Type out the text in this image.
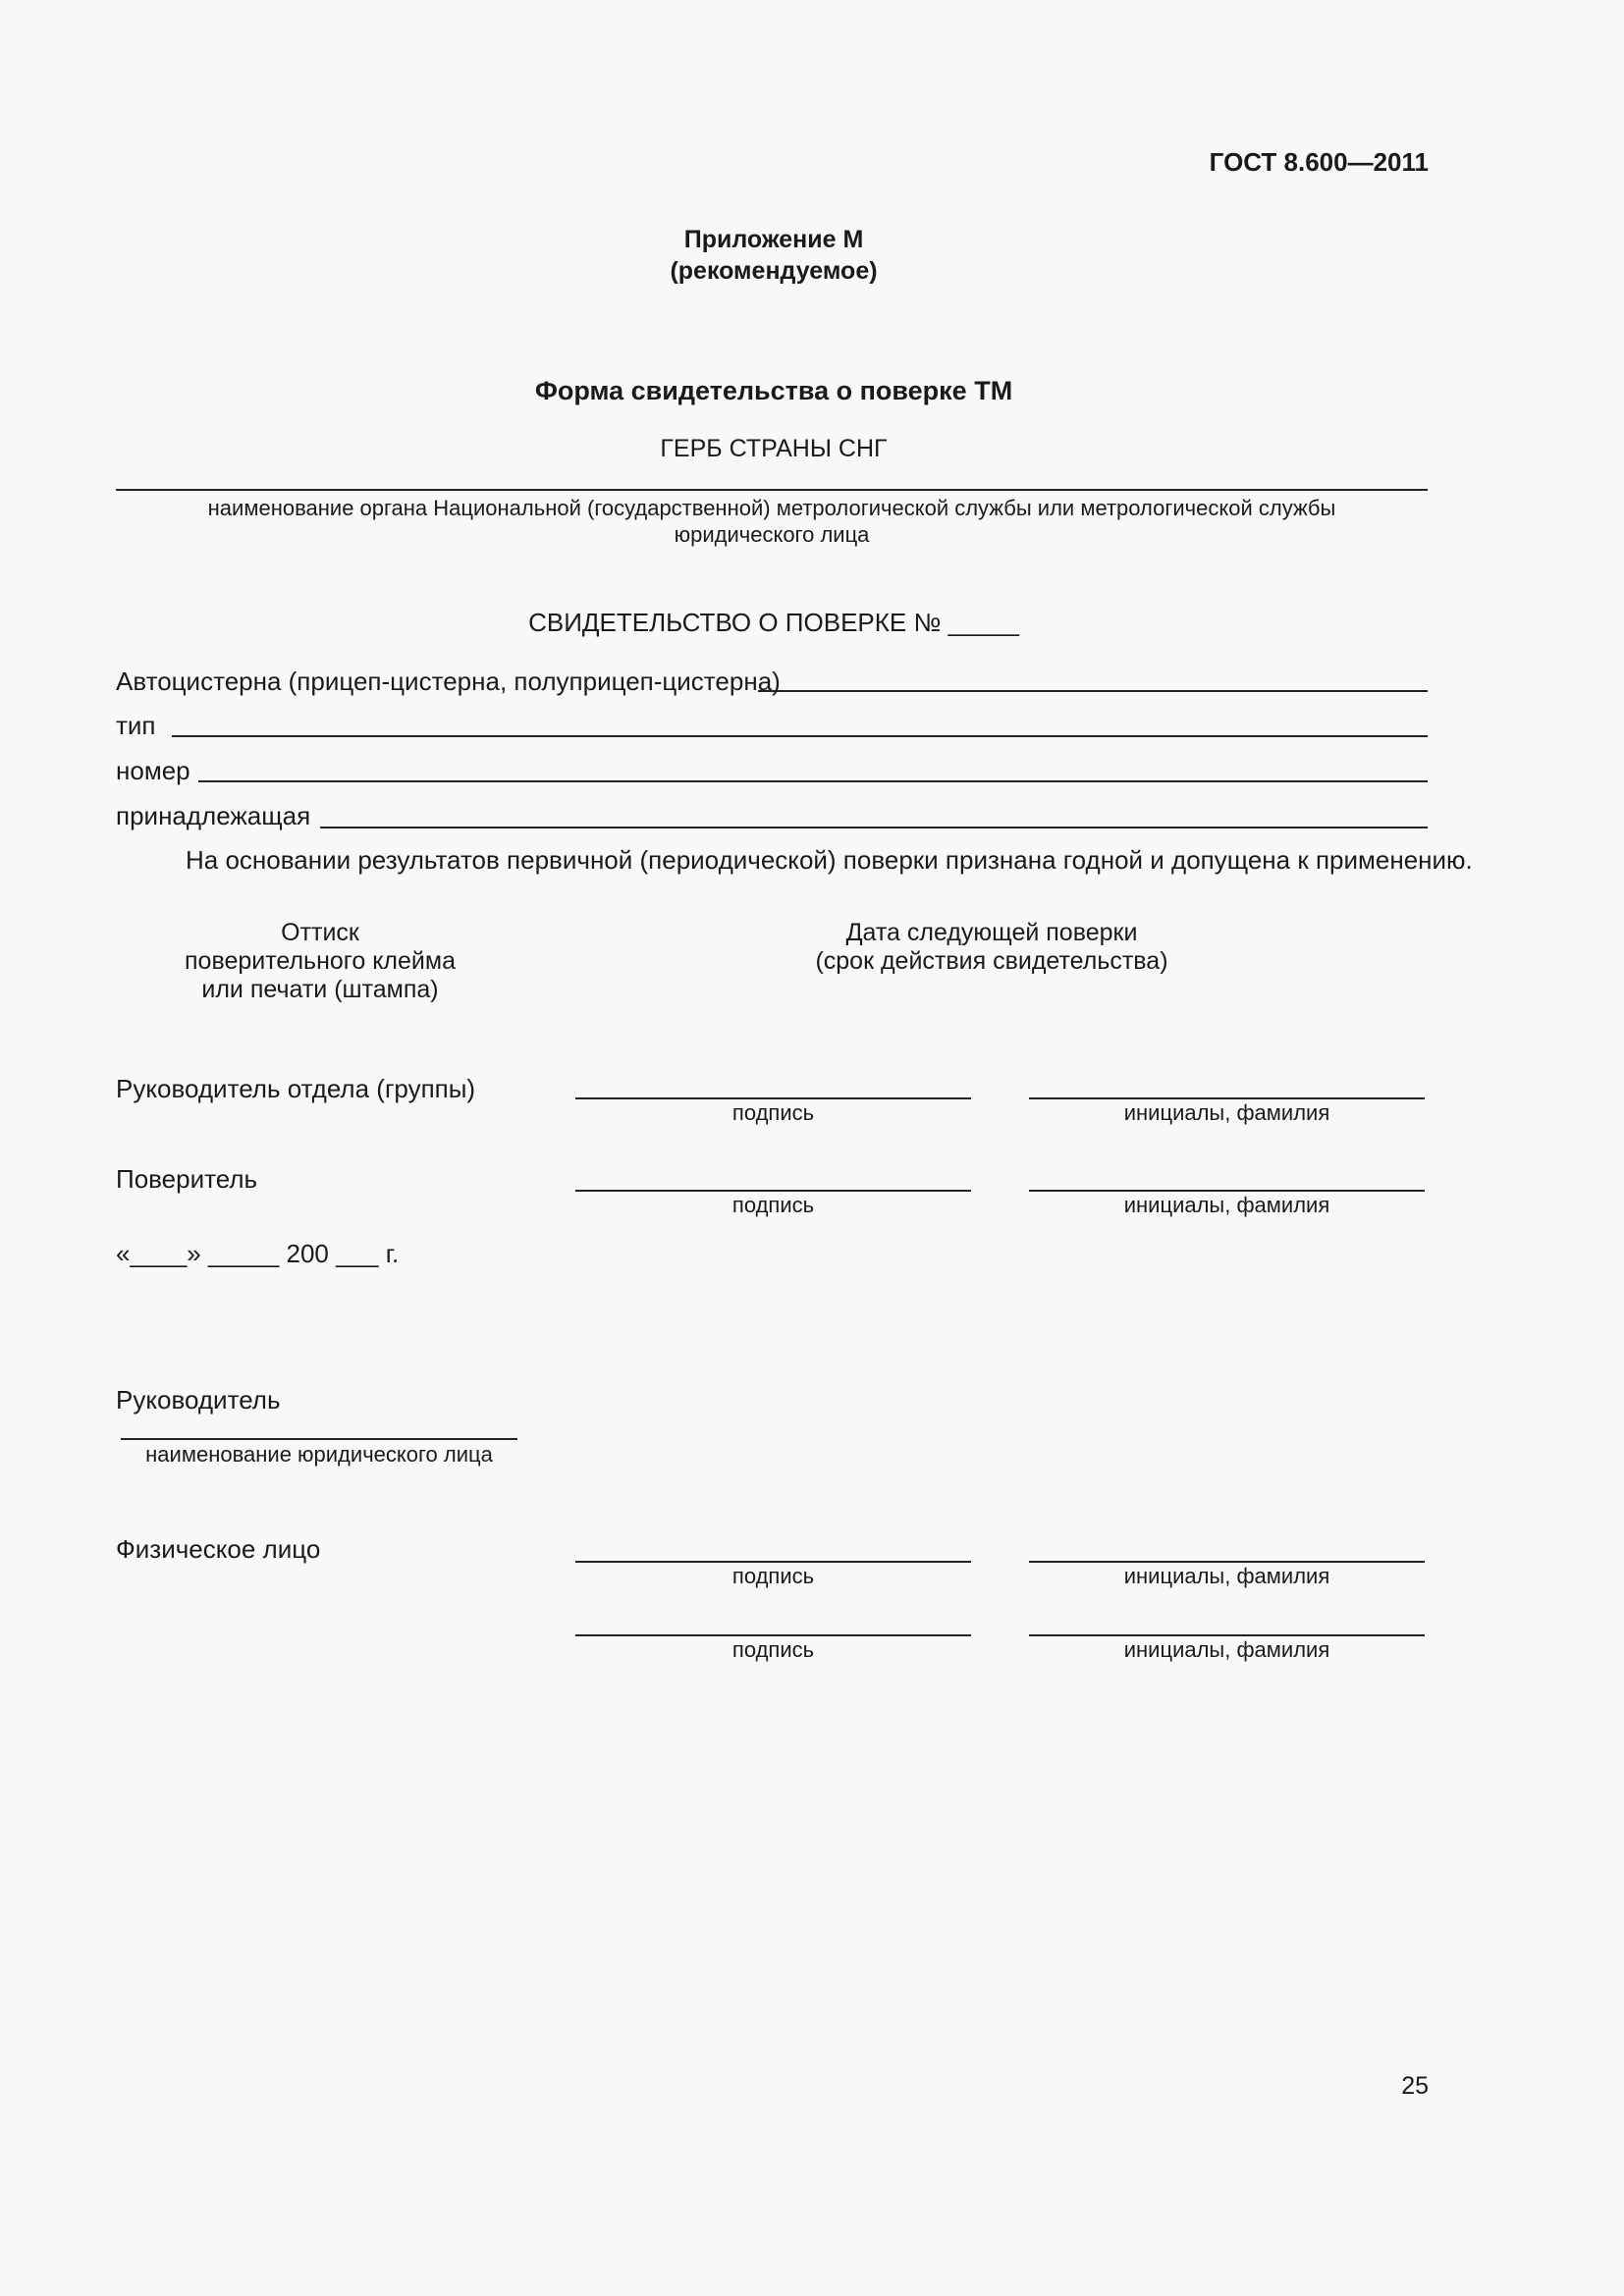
ГОСТ 8.600—2011
Приложение М
(рекомендуемое)
Форма свидетельства о поверке ТМ
ГЕРБ СТРАНЫ СНГ
наименование органа Национальной (государственной) метрологической службы или метрологической службы
юридического лица
СВИДЕТЕЛЬСТВО О ПОВЕРКЕ № _____
Автоцистерна (прицеп-цистерна, полуприцеп-цистерна)
тип
номер
принадлежащая
На основании результатов первичной (периодической) поверки признана годной и допущена к применению.
Оттиск
поверительного клейма
или печати (штампа)
Дата следующей поверки
(срок действия свидетельства)
Руководитель отдела (группы)
подпись	инициалы, фамилия
Поверитель
подпись	инициалы, фамилия
«____» _____ 200 ___ г.
Руководитель
наименование юридического лица
Физическое лицо
подпись	инициалы, фамилия
подпись	инициалы, фамилия
25
